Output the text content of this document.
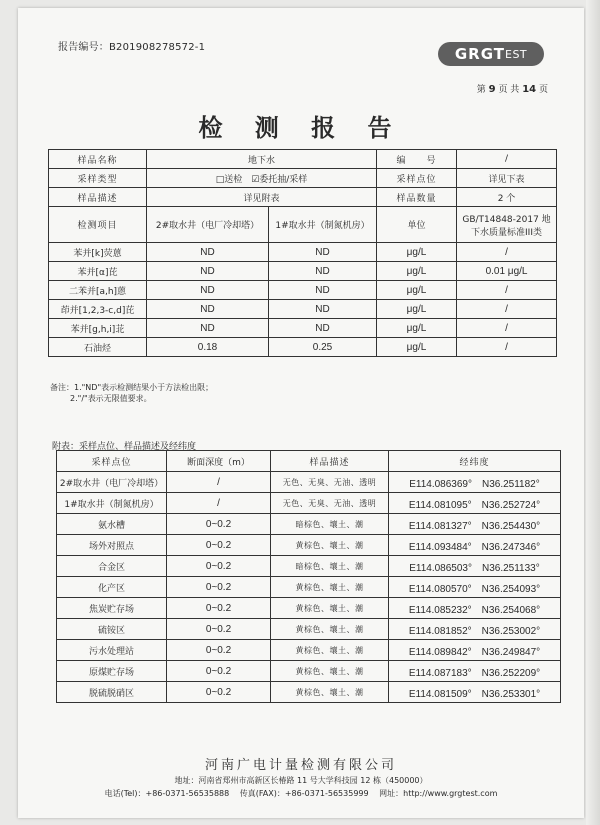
报告编号：B201908278572-1	GRGT EST
第 9 页 共 14 页
检 测 报 告
样品名称	地下水		编　　号	/
采样类型	□送检　☑委托抽/采样		采样点位	详见下表
样品描述	详见附表		样品数量	2 个
检测项目	2#取水井（电厂冷却塔）	1#取水井（制氮机房）	单位	GB/T14848-2017 地下水质量标准III类
苯并[k]荧蒽	ND	ND	μg/L	/
苯并[α]芘	ND	ND	μg/L	0.01 μg/L
二苯并[a,h]蒽	ND	ND	μg/L	/
茚并[1,2,3-c,d]芘	ND	ND	μg/L	/
苯并[g,h,i]苝	ND	ND	μg/L	/
石油烃	0.18	0.25	μg/L	/
备注：1."ND"表示检测结果小于方法检出限；
2."/"表示无限值要求。
附表：采样点位、样品描述及经纬度
采样点位	断面深度（m）	样品描述	经纬度
2#取水井（电厂冷却塔）	/	无色、无臭、无油、透明	E114.086369°　N36.251182°
1#取水井（制氮机房）	/	无色、无臭、无油、透明	E114.081095°　N36.252724°
氨水槽	0~0.2	暗棕色、壤土、潮	E114.081327°　N36.254430°
场外对照点	0~0.2	黄棕色、壤土、潮	E114.093484°　N36.247346°
合金区	0~0.2	暗棕色、壤土、潮	E114.086503°　N36.251133°
化产区	0~0.2	黄棕色、壤土、潮	E114.080570°　N36.254093°
焦炭贮存场	0~0.2	黄棕色、壤土、潮	E114.085232°　N36.254068°
硫铵区	0~0.2	黄棕色、壤土、潮	E114.081852°　N36.253002°
污水处理站	0~0.2	黄棕色、壤土、潮	E114.089842°　N36.249847°
原煤贮存场	0~0.2	黄棕色、壤土、潮	E114.087183°　N36.252209°
脱硫脱硝区	0~0.2	黄棕色、壤土、潮	E114.081509°　N36.253301°
河南广电计量检测有限公司
地址：河南省郑州市高新区长椿路 11 号大学科技园 12 栋（450000）
电话(Tel)：+86-0371-56535888 传真(FAX)：+86-0371-56535999 网址：http://www.grgtest.com
